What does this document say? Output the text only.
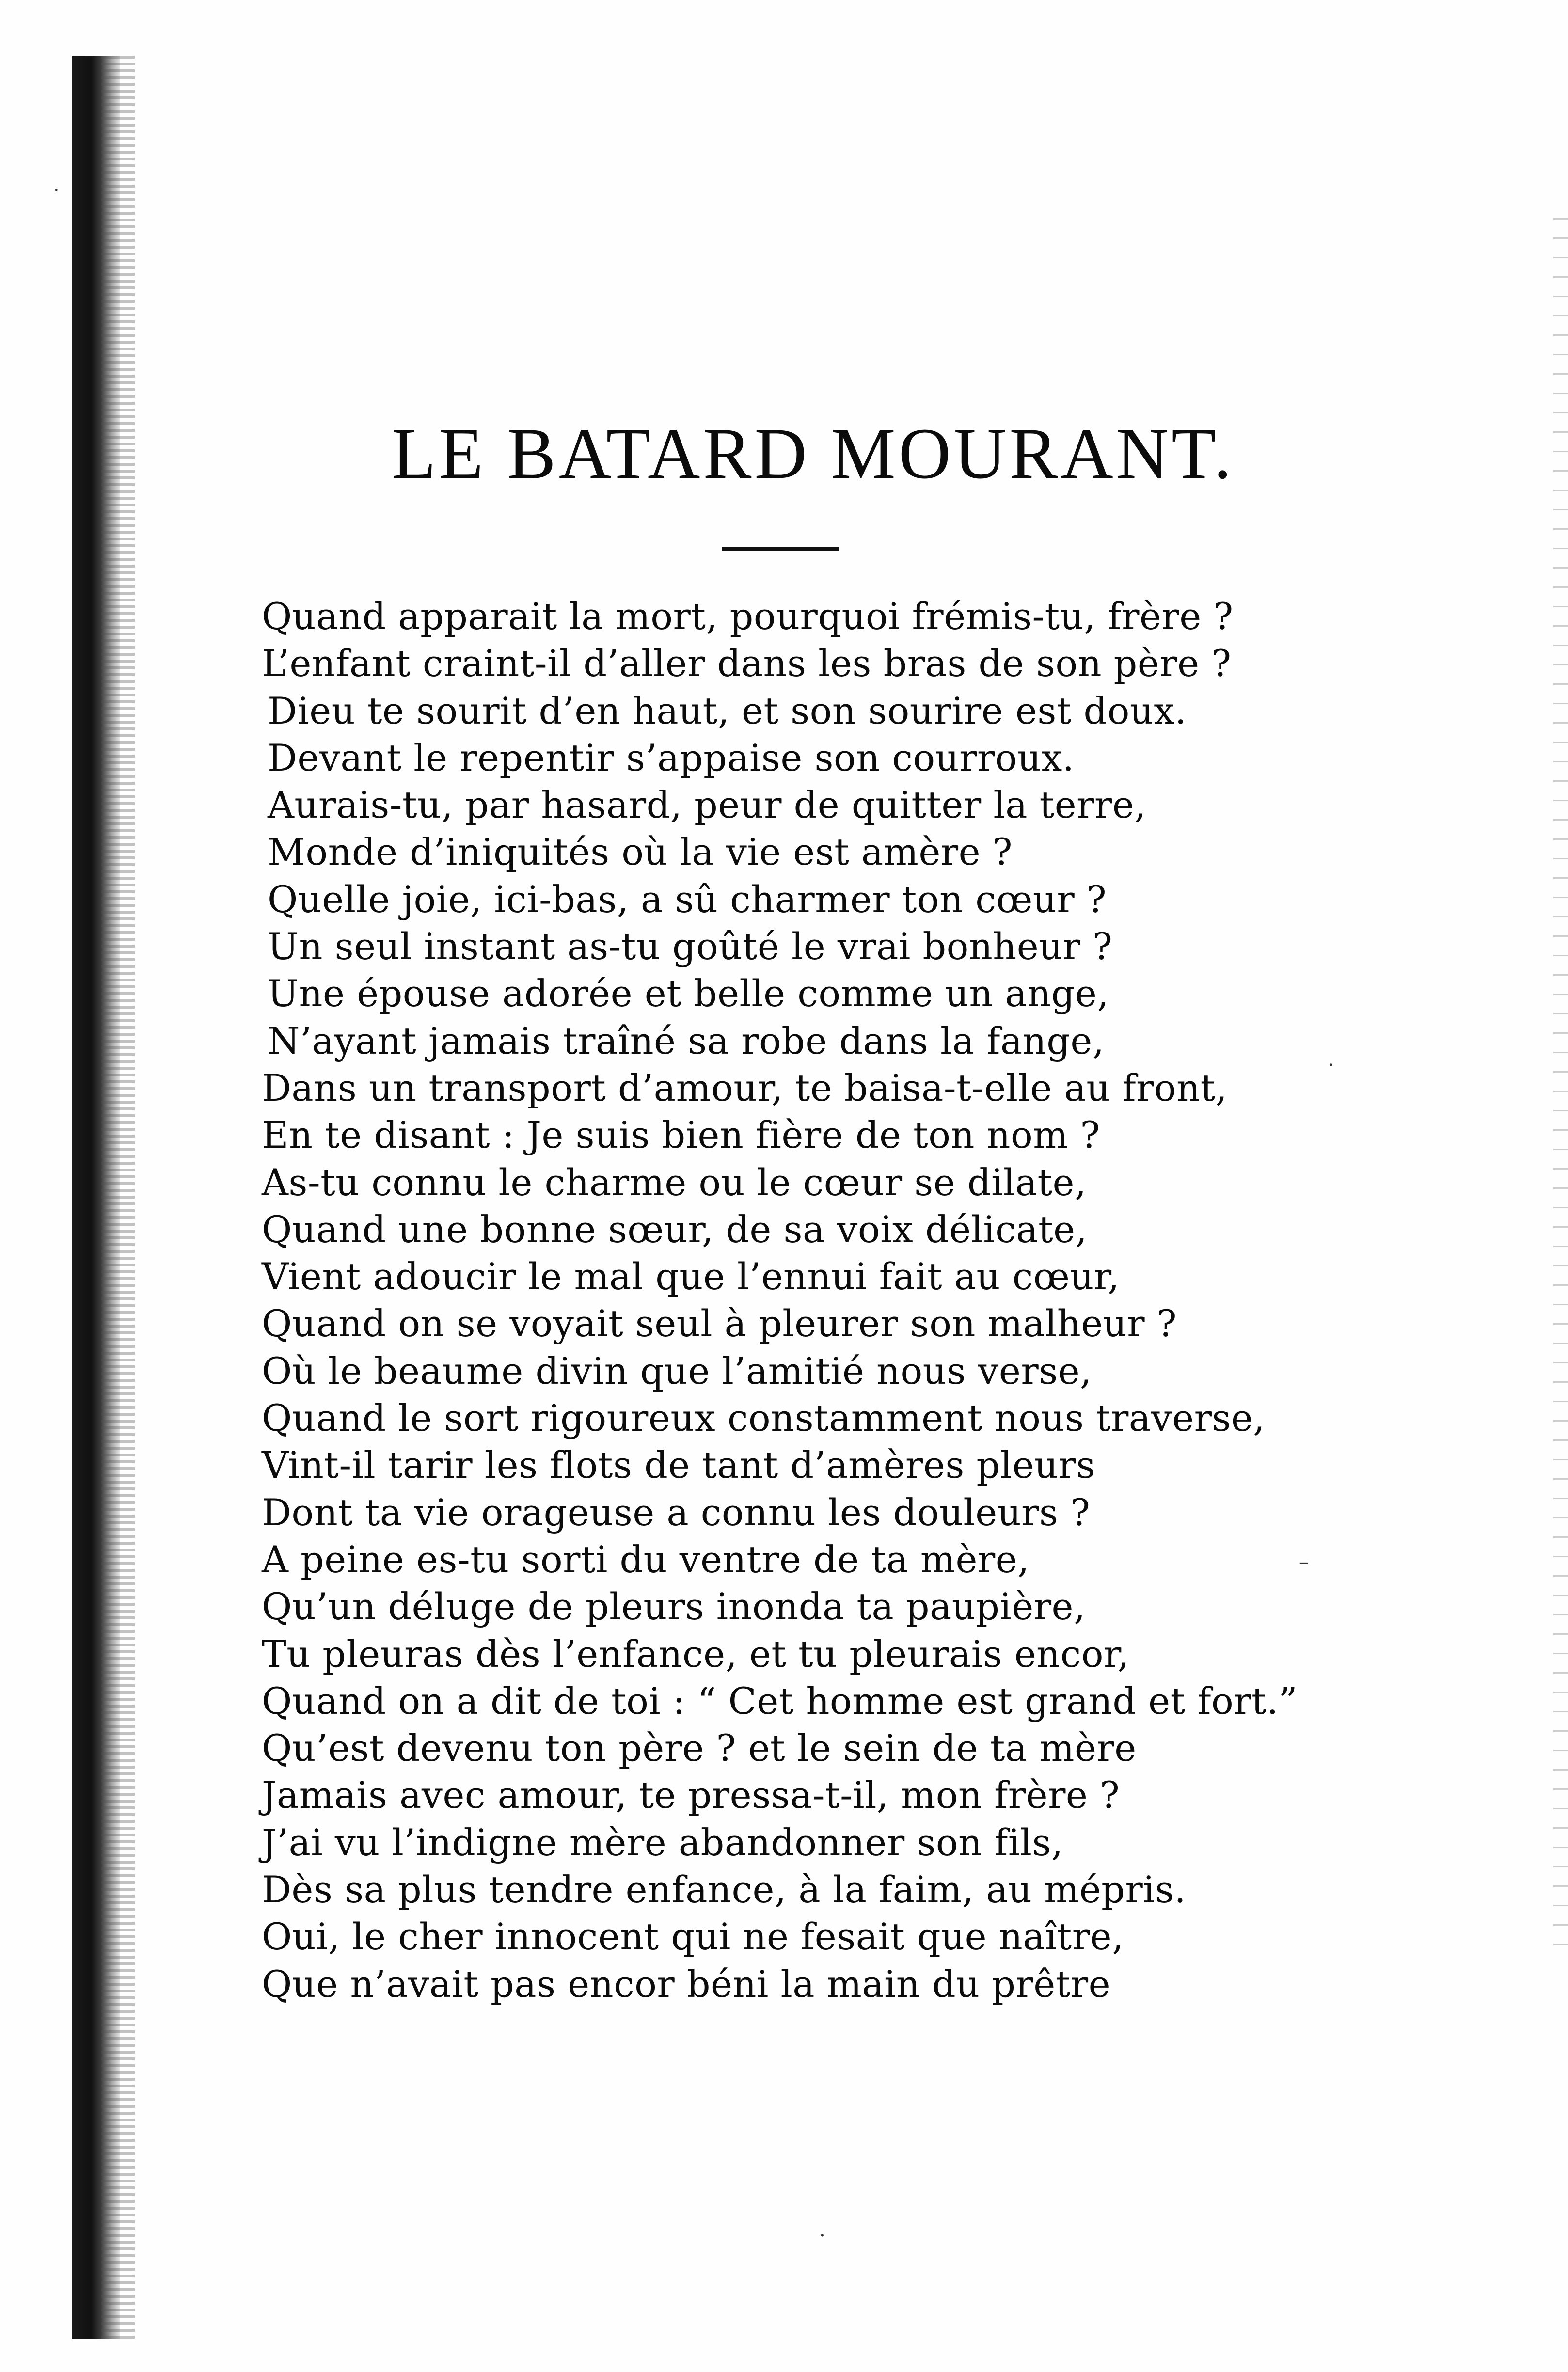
LE BATARD MOURANT.
Quand apparait la mort, pourquoi frémis-tu, frère ?
L’enfant craint-il d’aller dans les bras de son père ?
Dieu te sourit d’en haut, et son sourire est doux.
Devant le repentir s’appaise son courroux.
Aurais-tu, par hasard, peur de quitter la terre,
Monde d’iniquités où la vie est amère ?
Quelle joie, ici-bas, a sû charmer ton cœur ?
Un seul instant as-tu goûté le vrai bonheur ?
Une épouse adorée et belle comme un ange,
N’ayant jamais traîné sa robe dans la fange,
Dans un transport d’amour, te baisa-t-elle au front,
En te disant : Je suis bien fière de ton nom ?
As-tu connu le charme ou le cœur se dilate,
Quand une bonne sœur, de sa voix délicate,
Vient adoucir le mal que l’ennui fait au cœur,
Quand on se voyait seul à pleurer son malheur ?
Où le beaume divin que l’amitié nous verse,
Quand le sort rigoureux constamment nous traverse,
Vint-il tarir les flots de tant d’amères pleurs
Dont ta vie orageuse a connu les douleurs ?
A peine es-tu sorti du ventre de ta mère,
Qu’un déluge de pleurs inonda ta paupière,
Tu pleuras dès l’enfance, et tu pleurais encor,
Quand on a dit de toi : “ Cet homme est grand et fort.”
Qu’est devenu ton père ? et le sein de ta mère
Jamais avec amour, te pressa-t-il, mon frère ?
J’ai vu l’indigne mère abandonner son fils,
Dès sa plus tendre enfance, à la faim, au mépris.
Oui, le cher innocent qui ne fesait que naître,
Que n’avait pas encor béni la main du prêtre
·
·
–
·
